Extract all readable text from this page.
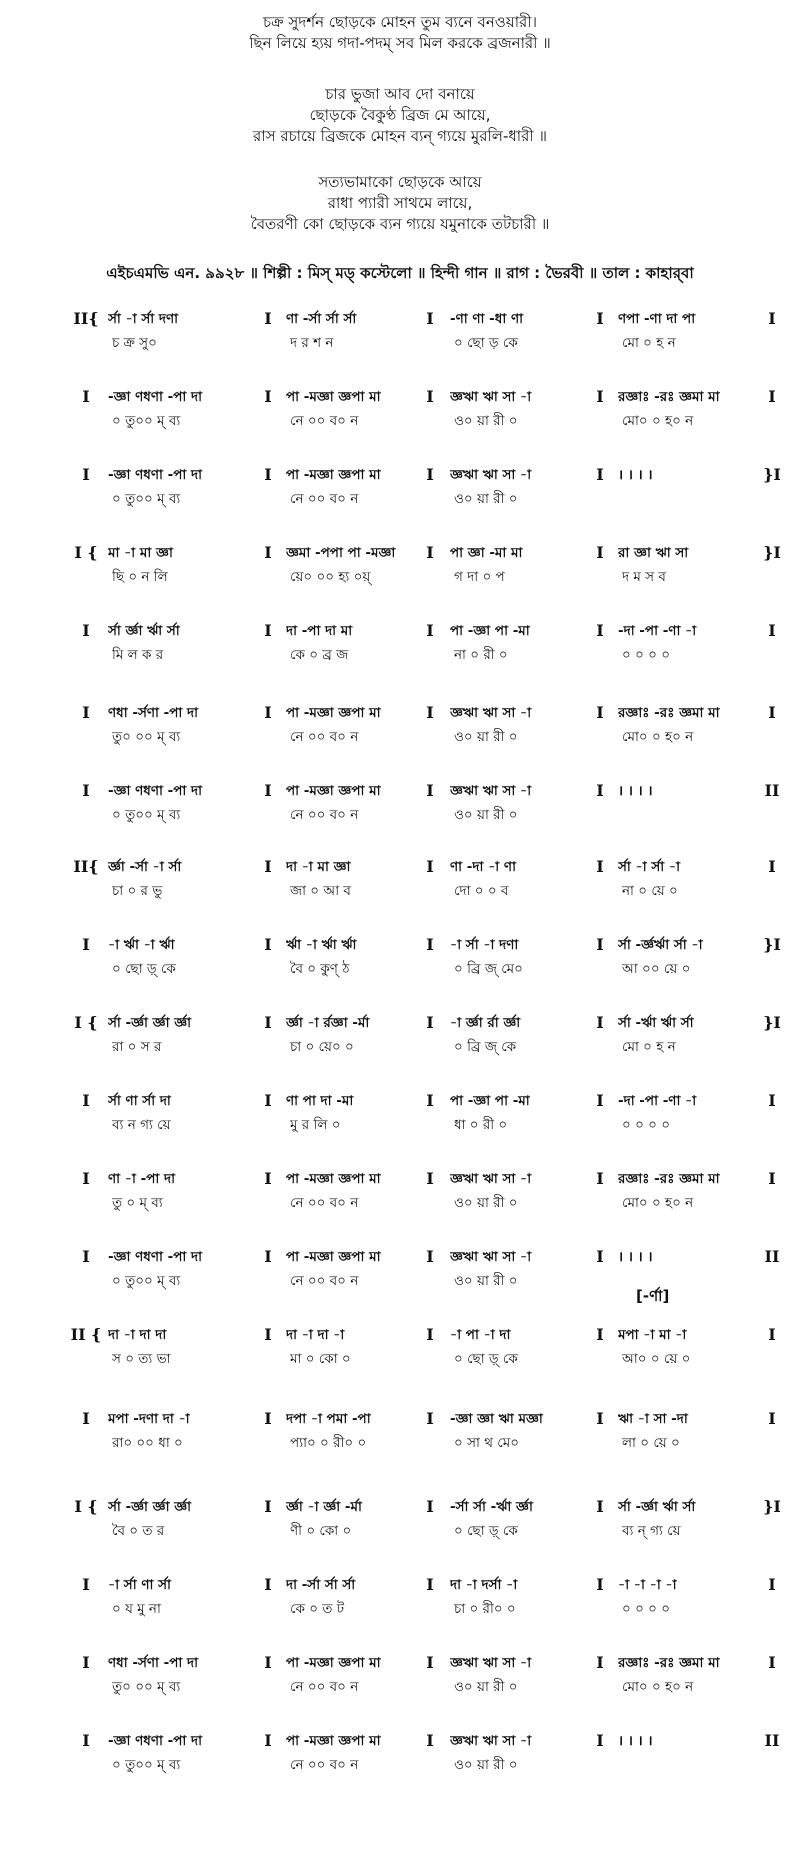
চক্র সুদর্শন ছোড়কে মোহন তুম ব্যনে বনওয়ারী।
ছিন লিয়ে হ্যয় গদা-পদম্‌ সব মিল করকে ব্রজনারী ॥
চার ভুজা আব দো বনায়ে
ছোড়কে বৈকুণ্ঠ ব্রিজ মে আয়ে,
রাস রচায়ে ব্রিজকে মোহন ব্যন্‌ গ্যয়ে মুরলি-ধারী ॥
সত্যভামাকো ছোড়কে আয়ে
রাধা প্যারী সাথমে লায়ে,
বৈতরণী কো ছোড়কে ব্যন গ্যয়ে যমুনাকে তটচারী ॥
এইচএমভি এন. ৯৯২৮ ॥ শিল্পী : মিস্‌ মড্‌ কস্টেলো ॥ হিন্দী গান ॥ রাগ : ভৈরবী ॥ তাল : কাহার্‌বা
II{	I	I	I	I
র্সা -া র্সা দণা	ণা -র্সা র্সা র্সা	-ণা ণা -ধা ণা	ণপা -ণা দা পা
চ ক্র সু০	দ র শ ন	০ ছো ড় কে	মো ০ হ ন
I	I	I	I	I
-জ্ঞা ণধণা -পা দা	পা -মজ্ঞা জ্ঞপা মা	জ্ঞঋা ঋা সা -া	রজ্ঞাঃ -রঃ জ্ঞমা মা
০ তু০০ ম্‌ ব্য	নে ০০ ব০ ন	ও০ য়া রী ০	মো০ ০ হ০ ন
I	I	I	I	}I
-জ্ঞা ণধণা -পা দা	পা -মজ্ঞা জ্ঞপা মা	জ্ঞঋা ঋা সা -া	। । । ।
০ তু০০ ম্‌ ব্য	নে ০০ ব০ ন	ও০ য়া রী ০
I {	I	I	I	}I
মা -া মা জ্ঞা	জ্ঞমা -পপা পা -মজ্ঞা	পা জ্ঞা -মা মা	রা জ্ঞা ঋা সা
ছি ০ ন লি	য়ে০ ০০ হ্য ০য়্‌	গ দা ০ প	দ ম স ব
I	I	I	I	I
র্সা র্জ্ঞা র্ঋা র্সা	দা -পা দা মা	পা -জ্ঞা পা -মা	-দা -পা -ণা -া
মি ল ক র	কে ০ ব্র জ	না ০ রী ০	০ ০ ০ ০
I	I	I	I	I
ণধা -র্সণা -পা দা	পা -মজ্ঞা জ্ঞপা মা	জ্ঞঋা ঋা সা -া	রজ্ঞাঃ -রঃ জ্ঞমা মা
তু০ ০০ ম্‌ ব্য	নে ০০ ব০ ন	ও০ য়া রী ০	মো০ ০ হ০ ন
I	I	I	I	II
-জ্ঞা ণধণা -পা দা	পা -মজ্ঞা জ্ঞপা মা	জ্ঞঋা ঋা সা -া	। । । ।
০ তু০০ ম্‌ ব্য	নে ০০ ব০ ন	ও০ য়া রী ০
II{	I	I	I	I
র্জ্ঞা -র্সা -া র্সা	দা -া মা জ্ঞা	ণা -দা -া ণা	র্সা -া র্সা -া
চা ০ র ভু	জা ০ আ ব	দো ০ ০ ব	না ০ য়ে ০
I	I	I	I	}I
-া র্ঋা -া র্ঋা	র্ঋা -া র্ঋা র্ঋা	-া র্সা -া দণা	র্সা -র্জ্ঞর্ঋা র্সা -া
০ ছো ড়্‌ কে	বৈ ০ কুণ্‌ ঠ	০ ব্রি জ্‌ মে০	আ ০০ য়ে ০
I {	I	I	I	}I
র্সা -র্জ্ঞা র্জ্ঞা র্জ্ঞা	র্জ্ঞা -া র্রজ্ঞা -র্মা	-া র্জ্ঞা র্রা র্জ্ঞা	র্সা -র্ঋা র্ঋা র্সা
রা ০ স র	চা ০ য়ে০ ০	০ ব্রি জ্‌ কে	মো ০ হ ন
I	I	I	I	I
র্সা ণা র্সা দা	ণা পা দা -মা	পা -জ্ঞা পা -মা	-দা -পা -ণা -া
ব্য ন গ্য য়ে	মু র লি ০	ধা ০ রী ০	০ ০ ০ ০
I	I	I	I	I
ণা -া -পা দা	পা -মজ্ঞা জ্ঞপা মা	জ্ঞঋা ঋা সা -া	রজ্ঞাঃ -রঃ জ্ঞমা মা
তু ০ ম্‌ ব্য	নে ০০ ব০ ন	ও০ য়া রী ০	মো০ ০ হ০ ন
I	I	I	I	II
-জ্ঞা ণধণা -পা দা	পা -মজ্ঞা জ্ঞপা মা	জ্ঞঋা ঋা সা -া	। । । ।
০ তু০০ ম্‌ ব্য	নে ০০ ব০ ন	ও০ য়া রী ০
II {	I	I	I	I
দা -া দা দা	দা -া দা -া	-া পা -া দা	মপা -া মা -া
স ০ ত্য ভা	মা ০ কো ০	০ ছো ড়্‌ কে	আ০ ০ য়ে ০
I	I	I	I	I
মপা -দণা দা -া	দপা -া পমা -পা	-জ্ঞা জ্ঞা ঋা মজ্ঞা	ঋা -া সা -দা
রা০ ০০ ধা ০	প্যা০ ০ রী০ ০	০ সা থ মে০	লা ০ য়ে ০
I {	I	I	I	}I
র্সা -র্জ্ঞা র্জ্ঞা র্জ্ঞা	র্জ্ঞা -া র্জ্ঞা -র্মা	-র্সা র্সা -র্ঋা র্জ্ঞা	র্সা -র্জ্ঞা র্ঋা র্সা
বৈ ০ ত র	ণী ০ কো ০	০ ছো ড়্‌ কে	ব্য ন্‌ গ্য য়ে
I	I	I	I	I
-া র্সা ণা র্সা	দা -র্সা র্সা র্সা	দা -া দর্সা -া	-া -া -া -া
০ য মু না	কে ০ ত ট	চা ০ রী০ ০	০ ০ ০ ০
I	I	I	I	I
ণধা -র্সণা -পা দা	পা -মজ্ঞা জ্ঞপা মা	জ্ঞঋা ঋা সা -া	রজ্ঞাঃ -রঃ জ্ঞমা মা
তু০ ০০ ম্‌ ব্য	নে ০০ ব০ ন	ও০ য়া রী ০	মো০ ০ হ০ ন
I	I	I	I	II
-জ্ঞা ণধণা -পা দা	পা -মজ্ঞা জ্ঞপা মা	জ্ঞঋা ঋা সা -া	। । । ।
০ তু০০ ম্‌ ব্য	নে ০০ ব০ ন	ও০ য়া রী ০
[-র্ণা]
